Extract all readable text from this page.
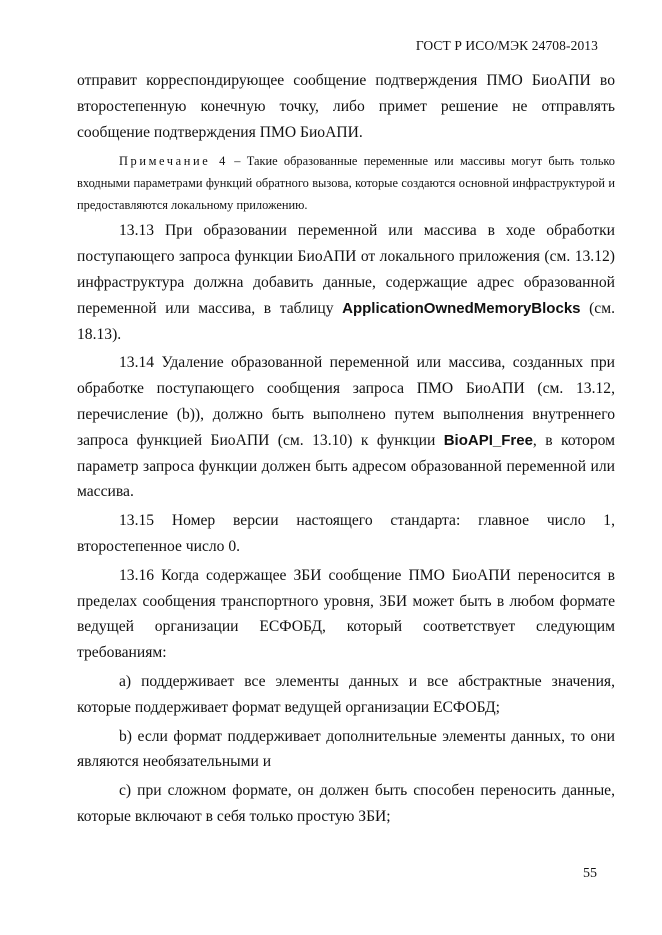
ГОСТ Р ИСО/МЭК 24708-2013

отправит корреспондирующее сообщение подтверждения ПМО БиоАПИ во второстепенную конечную точку, либо примет решение не отправлять сообщение подтверждения ПМО БиоАПИ.

Примечание 4 – Такие образованные переменные или массивы могут быть только входными параметрами функций обратного вызова, которые создаются основной инфраструктурой и предоставляются локальному приложению.

13.13 При образовании переменной или массива в ходе обработки поступающего запроса функции БиоАПИ от локального приложения (см. 13.12) инфраструктура должна добавить данные, содержащие адрес образованной переменной или массива, в таблицу ApplicationOwnedMemoryBlocks (см. 18.13).

13.14 Удаление образованной переменной или массива, созданных при обработке поступающего сообщения запроса ПМО БиоАПИ (см. 13.12, перечисление (b)), должно быть выполнено путем выполнения внутреннего запроса функцией БиоАПИ (см. 13.10) к функции BioAPI_Free, в котором параметр запроса функции должен быть адресом образованной переменной или массива.

13.15 Номер версии настоящего стандарта: главное число 1, второстепенное число 0.

13.16 Когда содержащее ЗБИ сообщение ПМО БиоАПИ переносится в пределах сообщения транспортного уровня, ЗБИ может быть в любом формате ведущей организации ЕСФОБД, который соответствует следующим требованиям:

a) поддерживает все элементы данных и все абстрактные значения, которые поддерживает формат ведущей организации ЕСФОБД;

b) если формат поддерживает дополнительные элементы данных, то они являются необязательными и

c) при сложном формате, он должен быть способен переносить данные, которые включают в себя только простую ЗБИ;

55
